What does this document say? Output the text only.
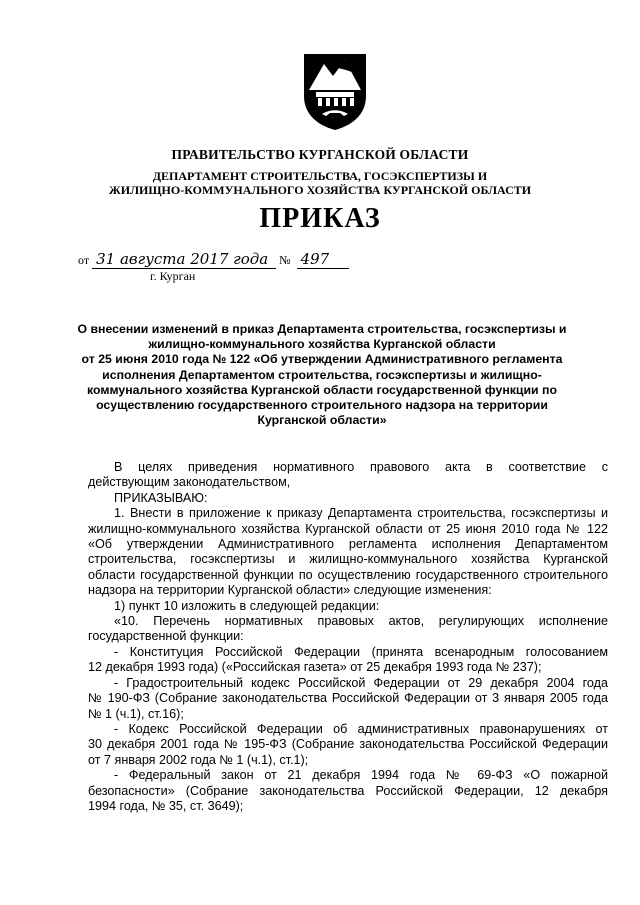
ПРАВИТЕЛЬСТВО КУРГАНСКОЙ ОБЛАСТИ
ДЕПАРТАМЕНТ СТРОИТЕЛЬСТВА, ГОСЭКСПЕРТИЗЫ И
ЖИЛИЩНО-КОММУНАЛЬНОГО ХОЗЯЙСТВА КУРГАНСКОЙ ОБЛАСТИ
ПРИКАЗ
от 31 августа 2017 года № 497
г. Курган
О внесении изменений в приказ Департамента строительства, госэкспертизы и
жилищно-коммунального хозяйства Курганской области
от 25 июня 2010 года № 122 «Об утверждении Административного регламента
исполнения Департаментом строительства, госэкспертизы и жилищно-
коммунального хозяйства Курганской области государственной функции по
осуществлению государственного строительного надзора на территории
Курганской области»
В целях приведения нормативного правового акта в соответствие с
действующим законодательством,
ПРИКАЗЫВАЮ:
1. Внести в приложение к приказу Департамента строительства, госэкспертизы и
жилищно-коммунального хозяйства Курганской области от 25 июня 2010 года № 122
«Об утверждении Административного регламента исполнения Департаментом
строительства, госэкспертизы и жилищно-коммунального хозяйства Курганской
области государственной функции по осуществлению государственного строительного
надзора на территории Курганской области» следующие изменения:
1) пункт 10 изложить в следующей редакции:
«10. Перечень нормативных правовых актов, регулирующих исполнение
государственной функции:
- Конституция Российской Федерации (принята всенародным голосованием
12 декабря 1993 года) («Российская газета» от 25 декабря 1993 года № 237);
- Градостроительный кодекс Российской Федерации от 29 декабря 2004 года
№ 190-ФЗ (Собрание законодательства Российской Федерации от 3 января 2005 года
№ 1 (ч.1), ст.16);
- Кодекс Российской Федерации об административных правонарушениях от
30 декабря 2001 года № 195-ФЗ (Собрание законодательства Российской Федерации
от 7 января 2002 года № 1 (ч.1), ст.1);
- Федеральный закон от 21 декабря 1994 года № 69-ФЗ «О пожарной
безопасности» (Собрание законодательства Российской Федерации, 12 декабря
1994 года, № 35, ст. 3649);
